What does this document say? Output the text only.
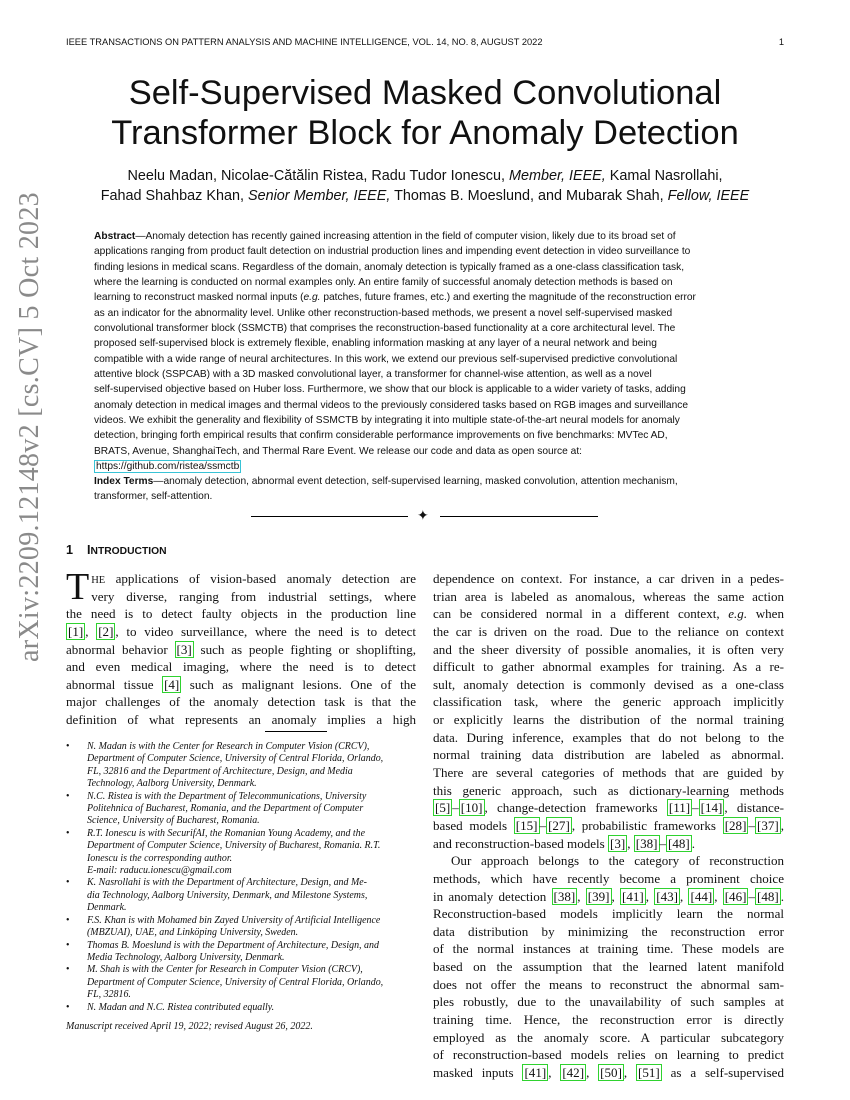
IEEE TRANSACTIONS ON PATTERN ANALYSIS AND MACHINE INTELLIGENCE, VOL. 14, NO. 8, AUGUST 2022	1
arXiv:2209.12148v2 [cs.CV] 5 Oct 2023
Self-Supervised Masked Convolutional
Transformer Block for Anomaly Detection
Neelu Madan, Nicolae-Cătălin Ristea, Radu Tudor Ionescu, Member, IEEE, Kamal Nasrollahi,
Fahad Shahbaz Khan, Senior Member, IEEE, Thomas B. Moeslund, and Mubarak Shah, Fellow, IEEE
Abstract—Anomaly detection has recently gained increasing attention in the field of computer vision, likely due to its broad set of
applications ranging from product fault detection on industrial production lines and impending event detection in video surveillance to
finding lesions in medical scans. Regardless of the domain, anomaly detection is typically framed as a one-class classification task,
where the learning is conducted on normal examples only. An entire family of successful anomaly detection methods is based on
learning to reconstruct masked normal inputs (e.g. patches, future frames, etc.) and exerting the magnitude of the reconstruction error
as an indicator for the abnormality level. Unlike other reconstruction-based methods, we present a novel self-supervised masked
convolutional transformer block (SSMCTB) that comprises the reconstruction-based functionality at a core architectural level. The
proposed self-supervised block is extremely flexible, enabling information masking at any layer of a neural network and being
compatible with a wide range of neural architectures. In this work, we extend our previous self-supervised predictive convolutional
attentive block (SSPCAB) with a 3D masked convolutional layer, a transformer for channel-wise attention, as well as a novel
self-supervised objective based on Huber loss. Furthermore, we show that our block is applicable to a wider variety of tasks, adding
anomaly detection in medical images and thermal videos to the previously considered tasks based on RGB images and surveillance
videos. We exhibit the generality and flexibility of SSMCTB by integrating it into multiple state-of-the-art neural models for anomaly
detection, bringing forth empirical results that confirm considerable performance improvements on five benchmarks: MVTec AD,
BRATS, Avenue, ShanghaiTech, and Thermal Rare Event. We release our code and data as open source at:
https://github.com/ristea/ssmctb
Index Terms—anomaly detection, abnormal event detection, self-supervised learning, masked convolution, attention mechanism,
transformer, self-attention.
✦
1 INTRODUCTION
T HE applications of vision-based anomaly detection are
very diverse, ranging from industrial settings, where
the need is to detect faulty objects in the production line
[1] , [2] , to video surveillance, where the need is to detect
abnormal behavior [3] such as people fighting or shoplifting,
and even medical imaging, where the need is to detect
abnormal tissue [4] such as malignant lesions. One of the
major challenges of the anomaly detection task is that the
definition of what represents an anomaly implies a high
• N. Madan is with the Center for Research in Computer Vision (CRCV),
Department of Computer Science, University of Central Florida, Orlando,
FL, 32816 and the Department of Architecture, Design, and Media
Technology, Aalborg University, Denmark.
• N.C. Ristea is with the Department of Telecommunications, University
Politehnica of Bucharest, Romania, and the Department of Computer
Science, University of Bucharest, Romania.
• R.T. Ionescu is with SecurifAI, the Romanian Young Academy, and the
Department of Computer Science, University of Bucharest, Romania. R.T.
Ionescu is the corresponding author.
E-mail: raducu.ionescu@gmail.com
• K. Nasrollahi is with the Department of Architecture, Design, and Me-
dia Technology, Aalborg University, Denmark, and Milestone Systems,
Denmark.
• F.S. Khan is with Mohamed bin Zayed University of Artificial Intelligence
(MBZUAI), UAE, and Linköping University, Sweden.
• Thomas B. Moeslund is with the Department of Architecture, Design, and
Media Technology, Aalborg University, Denmark.
• M. Shah is with the Center for Research in Computer Vision (CRCV),
Department of Computer Science, University of Central Florida, Orlando,
FL, 32816.
• N. Madan and N.C. Ristea contributed equally.
Manuscript received April 19, 2022; revised August 26, 2022.
dependence on context. For instance, a car driven in a pedes-
trian area is labeled as anomalous, whereas the same action
can be considered normal in a different context, e.g. when
the car is driven on the road. Due to the reliance on context
and the sheer diversity of possible anomalies, it is often very
difficult to gather abnormal examples for training. As a re-
sult, anomaly detection is commonly devised as a one-class
classification task, where the generic approach implicitly
or explicitly learns the distribution of the normal training
data. During inference, examples that do not belong to the
normal training data distribution are labeled as abnormal.
There are several categories of methods that are guided by
this generic approach, such as dictionary-learning methods
[5] – [10] , change-detection frameworks [11] – [14] , distance-
based models [15] – [27] , probabilistic frameworks [28] – [37] ,
and reconstruction-based models [3] , [38] – [48] .
Our approach belongs to the category of reconstruction
methods, which have recently become a prominent choice
in anomaly detection [38] , [39] , [41] , [43] , [44] , [46] – [48] .
Reconstruction-based models implicitly learn the normal
data distribution by minimizing the reconstruction error
of the normal instances at training time. These models are
based on the assumption that the learned latent manifold
does not offer the means to reconstruct the abnormal sam-
ples robustly, due to the unavailability of such samples at
training time. Hence, the reconstruction error is directly
employed as the anomaly score. A particular subcategory
of reconstruction-based models relies on learning to predict
masked inputs [41] , [42] , [50] , [51] as a self-supervised
